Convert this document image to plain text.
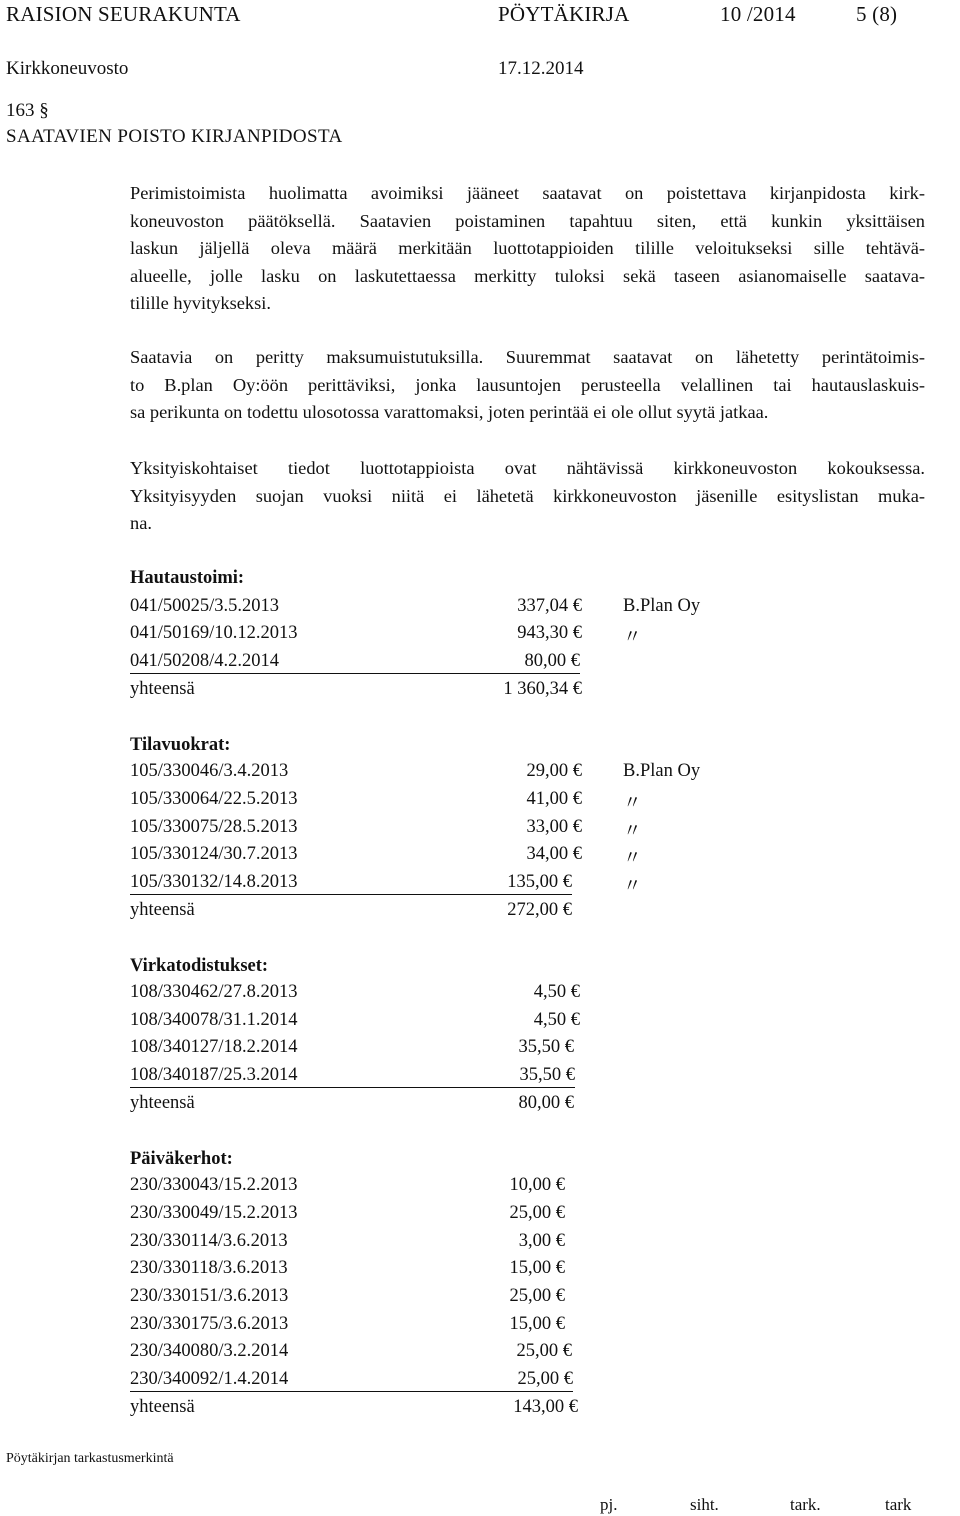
RAISION SEURAKUNTA	PÖYTÄKIRJA	10 /2014	5 (8)
Kirkkoneuvosto	17.12.2014
163 §
SAATAVIEN POISTO KIRJANPIDOSTA
Perimistoimista huolimatta avoimiksi jääneet saatavat on poistettava kirjanpidosta kirk-
koneuvoston päätöksellä. Saatavien poistaminen tapahtuu siten, että kunkin yksittäisen
laskun jäljellä oleva määrä merkitään luottotappioiden tilille veloitukseksi sille tehtävä-
alueelle, jolle lasku on laskutettaessa merkitty tuloksi sekä taseen asianomaiselle saatava-
tilille hyvitykseksi.
Saatavia on peritty maksumuistutuksilla. Suuremmat saatavat on lähetetty perintätoimis-
to B.plan Oy:öön perittäviksi, jonka lausuntojen perusteella velallinen tai hautauslaskuis-
sa perikunta on todettu ulosotossa varattomaksi, joten perintää ei ole ollut syytä jatkaa.
Yksityiskohtaiset tiedot luottotappioista ovat nähtävissä kirkkoneuvoston kokouksessa.
Yksityisyyden suojan vuoksi niitä ei lähetetä kirkkoneuvoston jäsenille esityslistan muka-
na.
Hautaustoimi:
041/50025/3.5.2013	337,04 € B.Plan Oy
041/50169/10.12.2013	943,30 € 〃
041/50208/4.2.2014	80,00 €
yhteensä	1 360,34 €
Tilavuokrat:
105/330046/3.4.2013	29,00 € B.Plan Oy
105/330064/22.5.2013	41,00 € 〃
105/330075/28.5.2013	33,00 € 〃
105/330124/30.7.2013	34,00 € 〃
105/330132/14.8.2013	135,00 €	〃
yhteensä	272,00 €
Virkatodistukset:
108/330462/27.8.2013	4,50 €
108/340078/31.1.2014	4,50 €
108/340127/18.2.2014	35,50 €
108/340187/25.3.2014	35,50 €
yhteensä	80,00 €
Päiväkerhot:
230/330043/15.2.2013	10,00 €
230/330049/15.2.2013	25,00 €
230/330114/3.6.2013	3,00 €
230/330118/3.6.2013	15,00 €
230/330151/3.6.2013	25,00 €
230/330175/3.6.2013	15,00 €
230/340080/3.2.2014	25,00 €
230/340092/1.4.2014	25,00 €
yhteensä	143,00 €
Pöytäkirjan tarkastusmerkintä
pj.	siht.	tark.	tark
